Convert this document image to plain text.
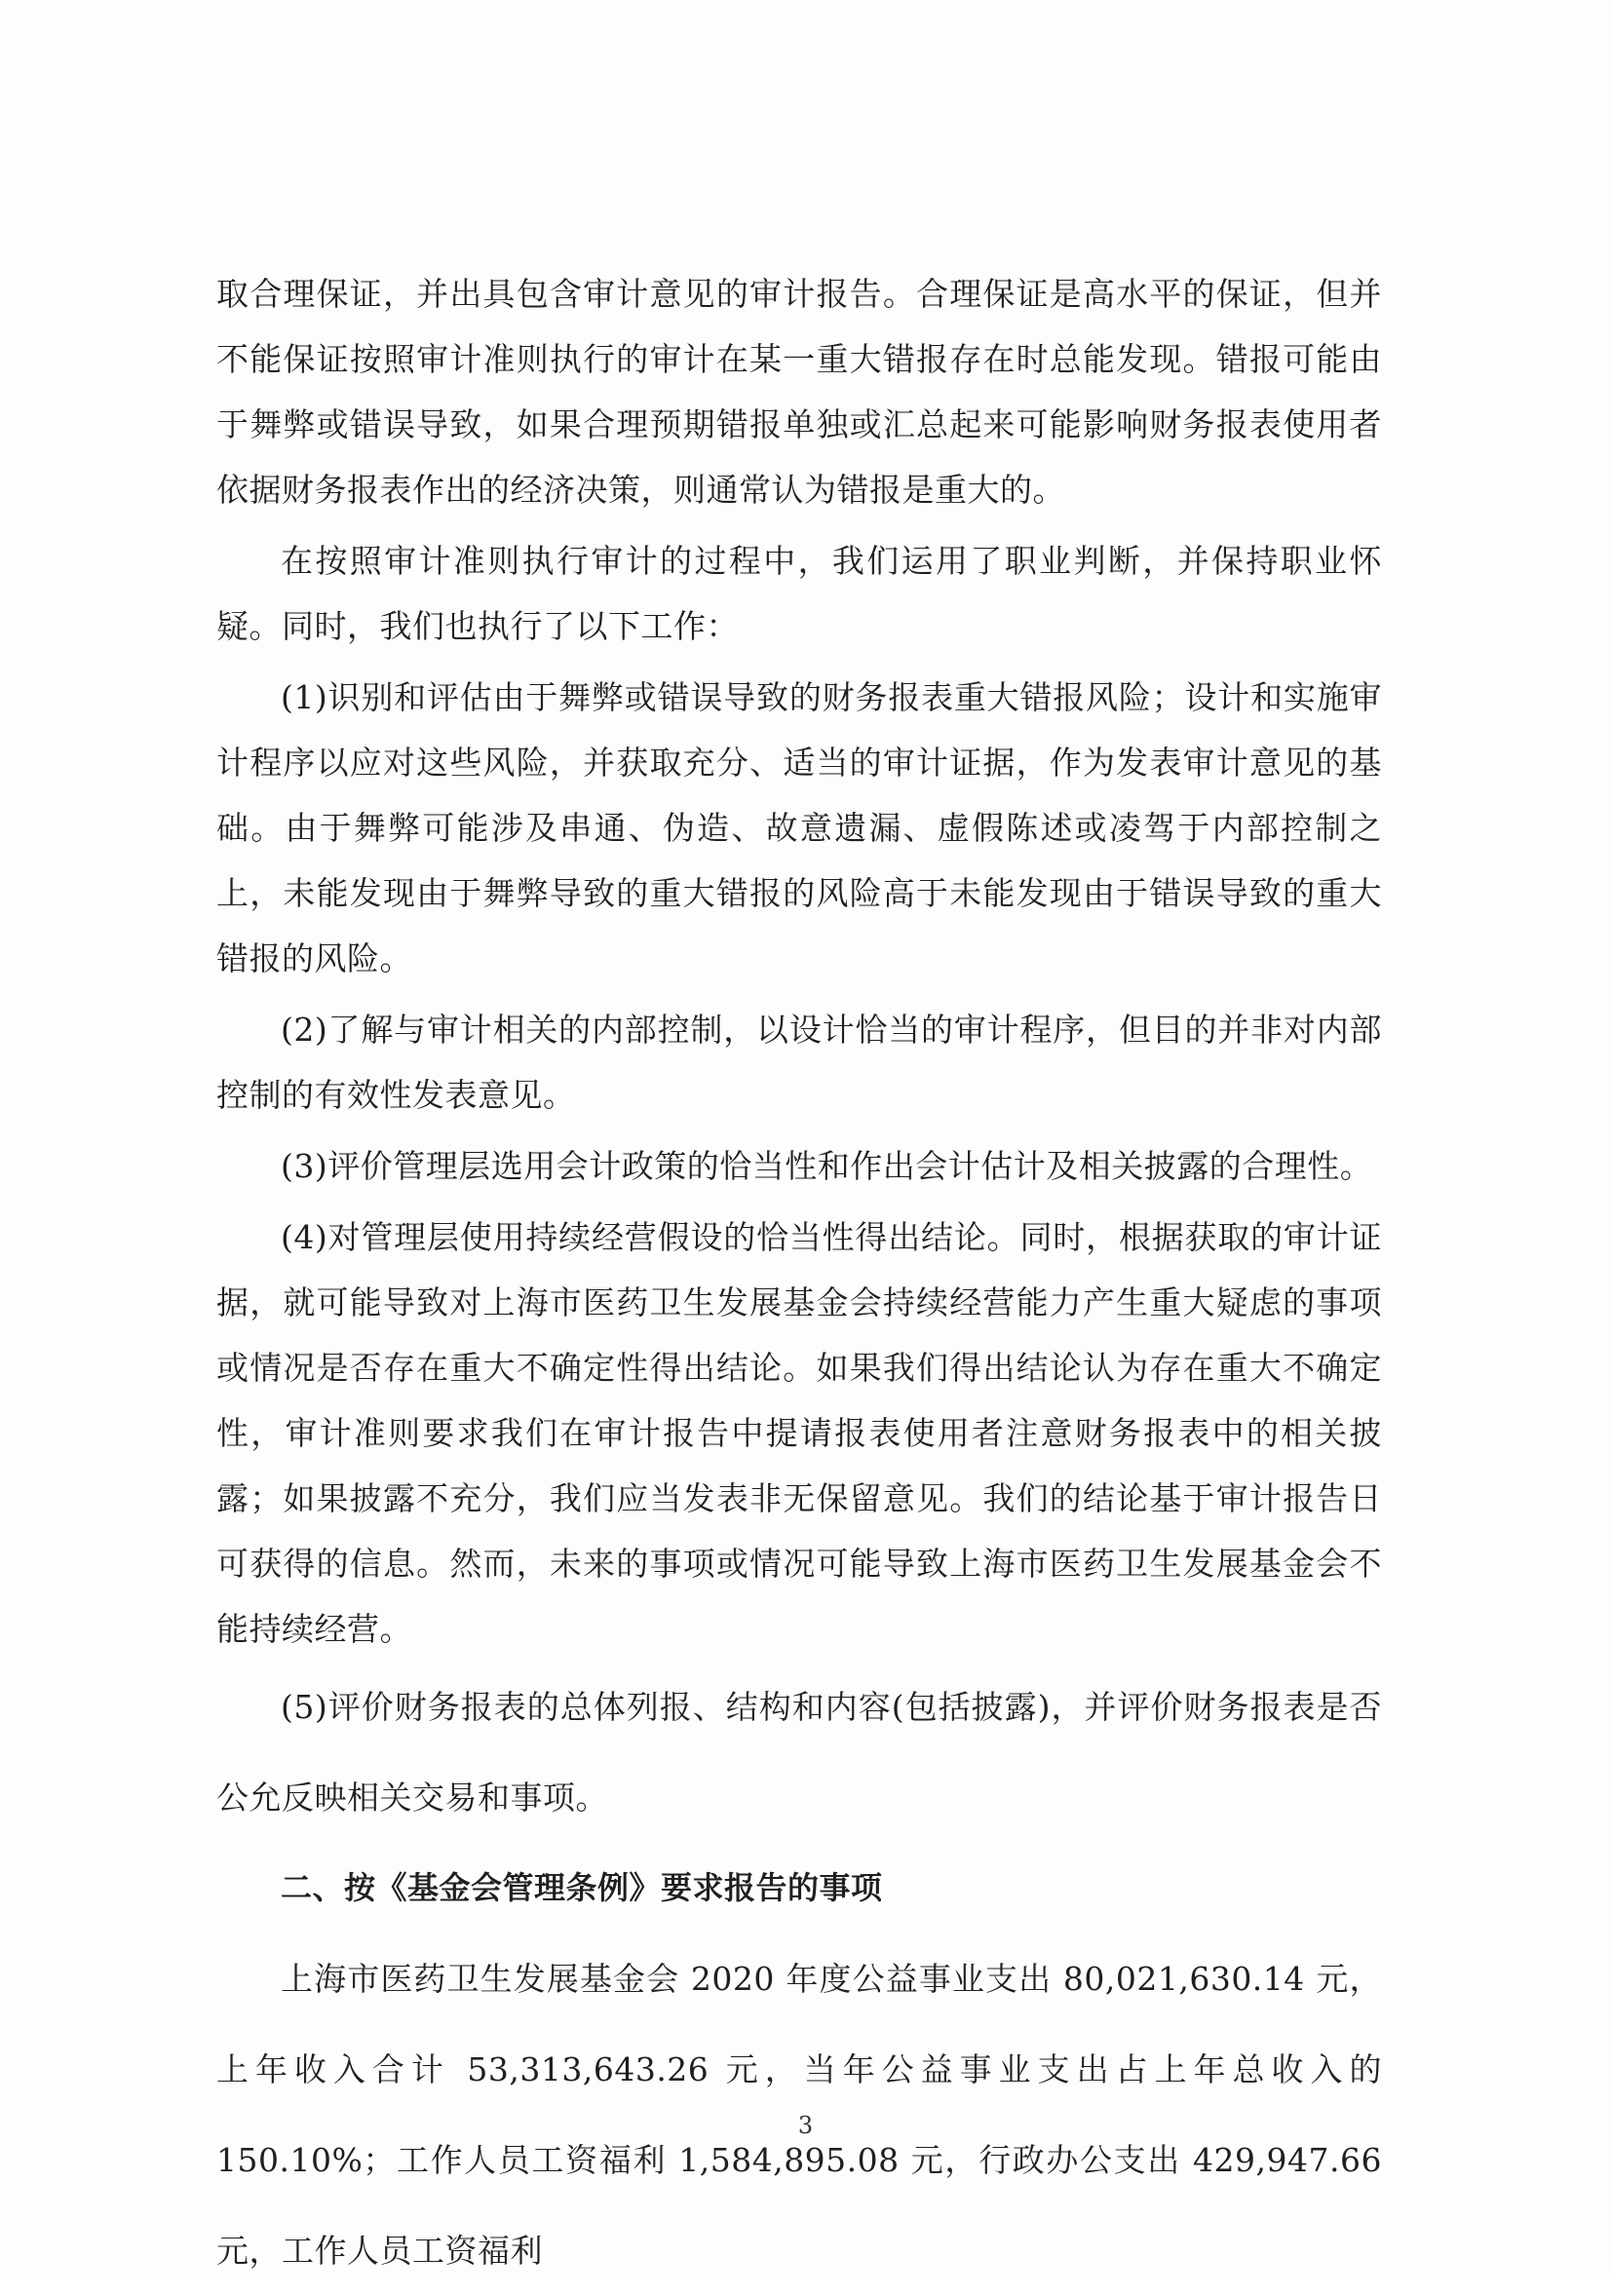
取合理保证，并出具包含审计意见的审计报告。合理保证是高水平的保证，但并不能保证按照审计准则执行的审计在某一重大错报存在时总能发现。错报可能由于舞弊或错误导致，如果合理预期错报单独或汇总起来可能影响财务报表使用者依据财务报表作出的经济决策，则通常认为错报是重大的。

在按照审计准则执行审计的过程中，我们运用了职业判断，并保持职业怀疑。同时，我们也执行了以下工作：

(1)识别和评估由于舞弊或错误导致的财务报表重大错报风险；设计和实施审计程序以应对这些风险，并获取充分、适当的审计证据，作为发表审计意见的基础。由于舞弊可能涉及串通、伪造、故意遗漏、虚假陈述或凌驾于内部控制之上，未能发现由于舞弊导致的重大错报的风险高于未能发现由于错误导致的重大错报的风险。

(2)了解与审计相关的内部控制，以设计恰当的审计程序，但目的并非对内部控制的有效性发表意见。

(3)评价管理层选用会计政策的恰当性和作出会计估计及相关披露的合理性。

(4)对管理层使用持续经营假设的恰当性得出结论。同时，根据获取的审计证据，就可能导致对上海市医药卫生发展基金会持续经营能力产生重大疑虑的事项或情况是否存在重大不确定性得出结论。如果我们得出结论认为存在重大不确定性，审计准则要求我们在审计报告中提请报表使用者注意财务报表中的相关披露；如果披露不充分，我们应当发表非无保留意见。我们的结论基于审计报告日可获得的信息。然而，未来的事项或情况可能导致上海市医药卫生发展基金会不能持续经营。

(5)评价财务报表的总体列报、结构和内容(包括披露)，并评价财务报表是否公允反映相关交易和事项。

二、按《基金会管理条例》要求报告的事项

上海市医药卫生发展基金会 2020 年度公益事业支出 80,021,630.14 元，上年收入合计 53,313,643.26 元，当年公益事业支出占上年总收入的 150.10%；工作人员工资福利 1,584,895.08 元，行政办公支出 429,947.66 元，工作人员工资福利

3
